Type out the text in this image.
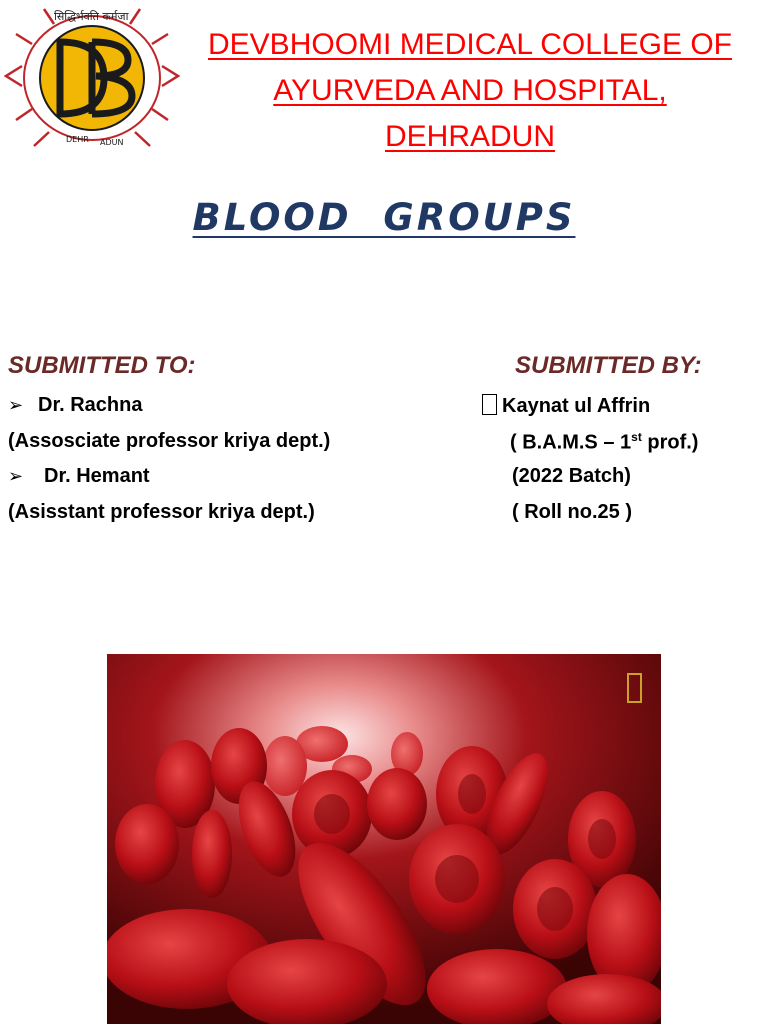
सिद्धिर्भवति कर्मजा
DEHR ADUN
DEVBHOOMI MEDICAL COLLEGE OF
AYURVEDA AND HOSPITAL,
DEHRADUN
BLOOD  GROUPS
SUBMITTED TO:
➢ Dr. Rachna
(Assosciate professor kriya dept.)
➢ Dr. Hemant
(Asisstant professor kriya dept.)
SUBMITTED BY:
Kaynat ul Affrin
( B.A.M.S – 1st prof.)
(2022 Batch)
( Roll no.25 )
